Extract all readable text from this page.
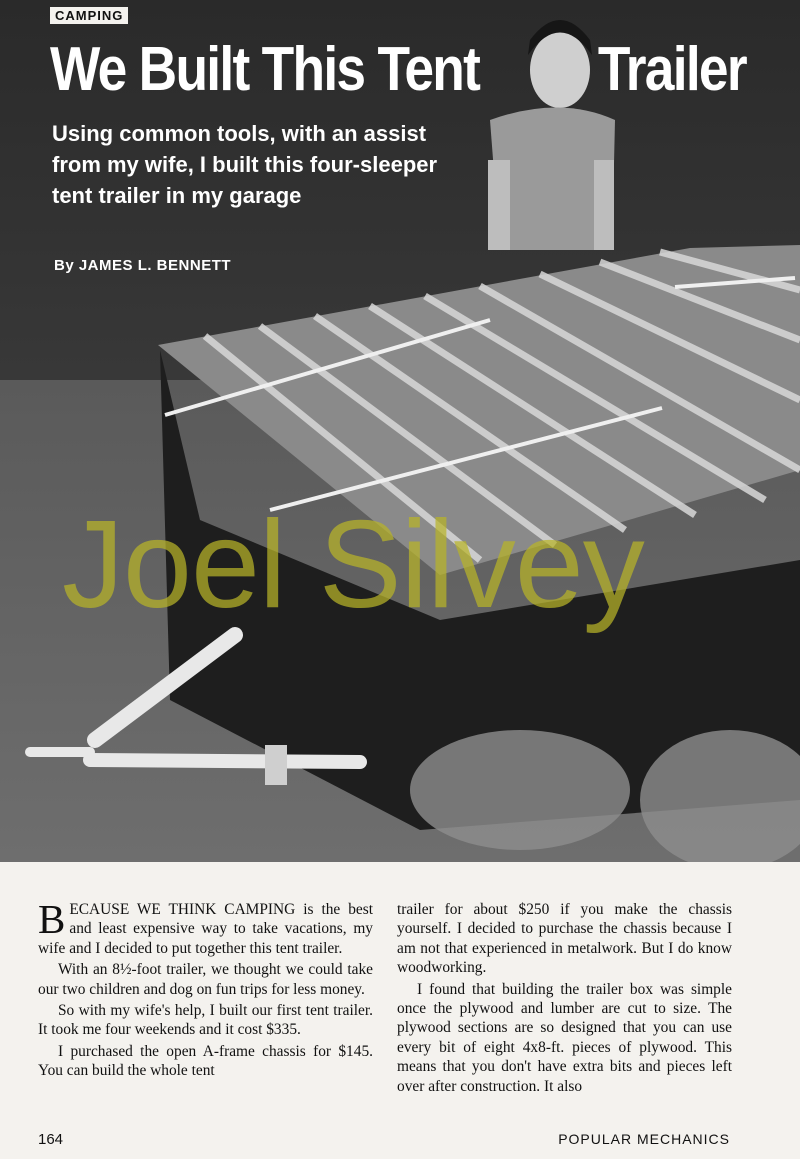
CAMPING
We Built This Tent Trailer
Using common tools, with an assist from my wife, I built this four-sleeper tent trailer in my garage
By JAMES L. BENNETT
Joel Silvey

BECAUSE WE THINK CAMPING is the best and least expensive way to take vacations, my wife and I decided to put together this tent trailer.

With an 8½-foot trailer, we thought we could take our two children and dog on fun trips for less money.

So with my wife's help, I built our first tent trailer. It took me four weekends and it cost $335.

I purchased the open A-frame chassis for $145. You can build the whole tent

trailer for about $250 if you make the chassis yourself. I decided to purchase the chassis because I am not that experienced in metalwork. But I do know woodworking.

I found that building the trailer box was simple once the plywood and lumber are cut to size. The plywood sections are so designed that you can use every bit of eight 4x8-ft. pieces of plywood. This means that you don't have extra bits and pieces left over after construction. It also

164	POPULAR MECHANICS
